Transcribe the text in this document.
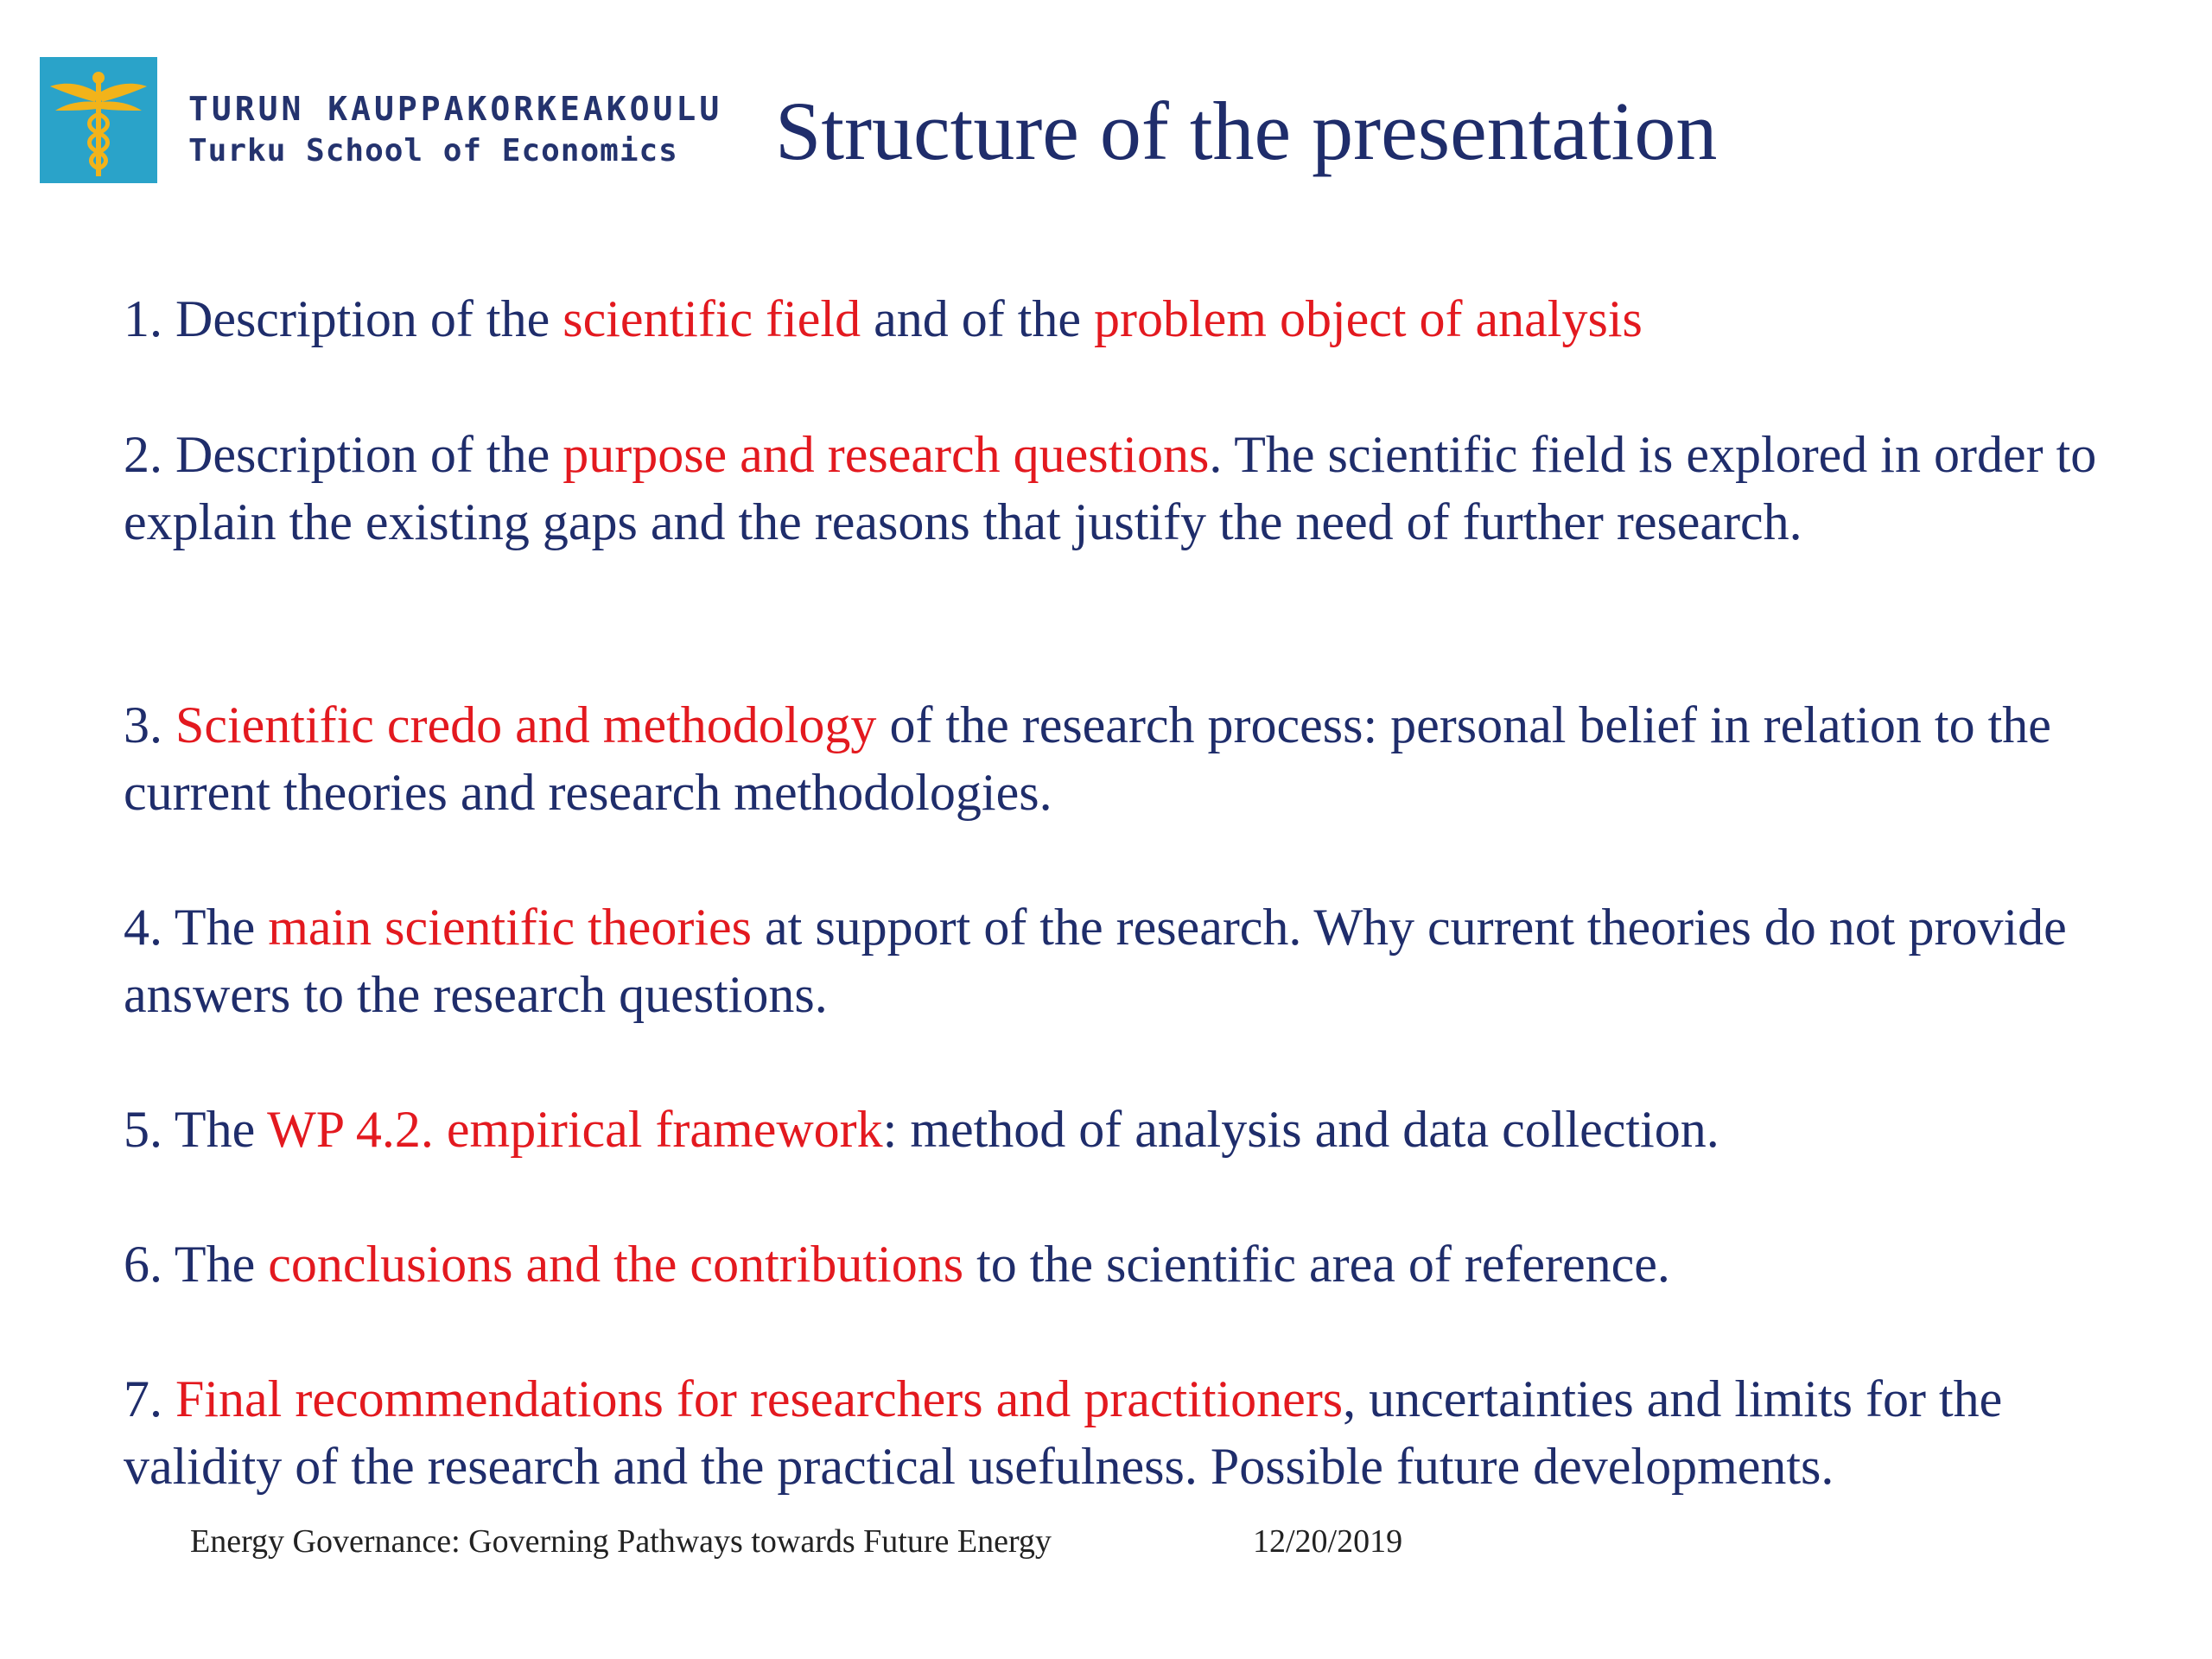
TURUN KAUPPAKORKEAKOULU
Turku School of Economics Structure of the presentation

1. Description of the scientific field and of the problem object of analysis

2. Description of the purpose and research questions. The scientific field is explored in order to explain the existing gaps and the reasons that justify the need of further research.

3. Scientific credo and methodology of the research process: personal belief in relation to the current theories and research methodologies.

4. The main scientific theories at support of the research. Why current theories do not provide answers to the research questions.

5. The WP 4.2. empirical framework: method of analysis and data collection.

6. The conclusions and the contributions to the scientific area of reference.

7. Final recommendations for researchers and practitioners, uncertainties and limits for the validity of the research and the practical usefulness. Possible future developments.

Energy Governance: Governing Pathways towards Future Energy	12/20/2019
